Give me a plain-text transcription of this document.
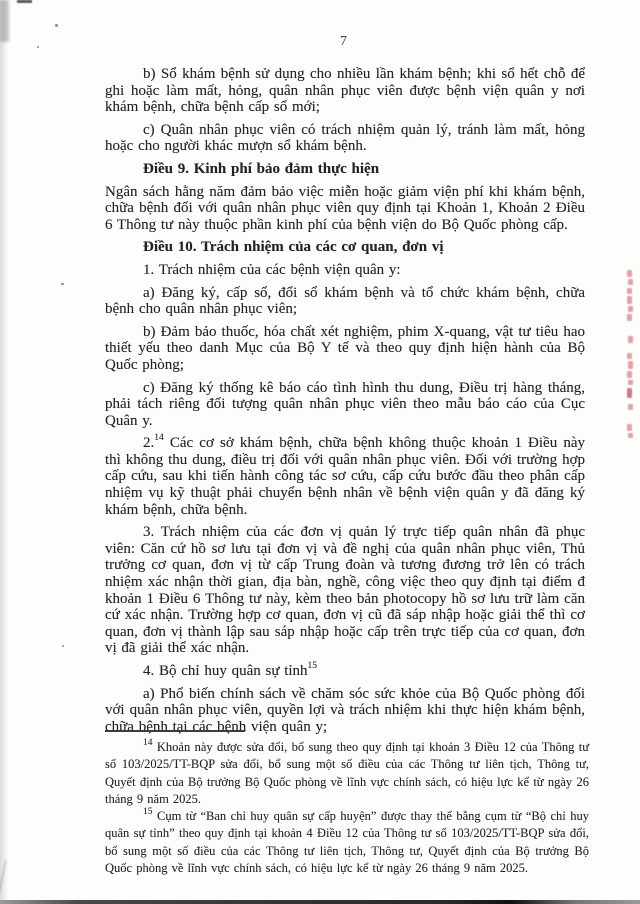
7

b) Sổ khám bệnh sử dụng cho nhiều lần khám bệnh; khi sổ hết chỗ để ghi hoặc làm mất, hỏng, quân nhân phục viên được bệnh viện quân y nơi khám bệnh, chữa bệnh cấp sổ mới;

c) Quân nhân phục viên có trách nhiệm quản lý, tránh làm mất, hỏng hoặc cho người khác mượn sổ khám bệnh.

Điều 9. Kinh phí bảo đảm thực hiện

Ngân sách hằng năm đảm bảo việc miễn hoặc giảm viện phí khi khám bệnh, chữa bệnh đối với quân nhân phục viên quy định tại Khoản 1, Khoản 2 Điều 6 Thông tư này thuộc phần kinh phí của bệnh viện do Bộ Quốc phòng cấp.

Điều 10. Trách nhiệm của các cơ quan, đơn vị

1. Trách nhiệm của các bệnh viện quân y:

a) Đăng ký, cấp sổ, đổi sổ khám bệnh và tổ chức khám bệnh, chữa bệnh cho quân nhân phục viên;

b) Đảm bảo thuốc, hóa chất xét nghiệm, phim X-quang, vật tư tiêu hao thiết yếu theo danh Mục của Bộ Y tế và theo quy định hiện hành của Bộ Quốc phòng;

c) Đăng ký thống kê báo cáo tình hình thu dung, Điều trị hàng tháng, phải tách riêng đối tượng quân nhân phục viên theo mẫu báo cáo của Cục Quân y.

2.14 Các cơ sở khám bệnh, chữa bệnh không thuộc khoản 1 Điều này thì không thu dung, điều trị đối với quân nhân phục viên. Đối với trường hợp cấp cứu, sau khi tiến hành công tác sơ cứu, cấp cứu bước đầu theo phân cấp nhiệm vụ kỹ thuật phải chuyển bệnh nhân về bệnh viện quân y đã đăng ký khám bệnh, chữa bệnh.

3. Trách nhiệm của các đơn vị quản lý trực tiếp quân nhân đã phục viên: Căn cứ hồ sơ lưu tại đơn vị và đề nghị của quân nhân phục viên, Thủ trưởng cơ quan, đơn vị từ cấp Trung đoàn và tương đương trở lên có trách nhiệm xác nhận thời gian, địa bàn, nghề, công việc theo quy định tại điểm đ khoản 1 Điều 6 Thông tư này, kèm theo bản photocopy hồ sơ lưu trữ làm căn cứ xác nhận. Trường hợp cơ quan, đơn vị cũ đã sáp nhập hoặc giải thể thì cơ quan, đơn vị thành lập sau sáp nhập hoặc cấp trên trực tiếp của cơ quan, đơn vị đã giải thể xác nhận.

4. Bộ chỉ huy quân sự tỉnh$^{15}$

a) Phổ biến chính sách về chăm sóc sức khỏe của Bộ Quốc phòng đối với quân nhân phục viên, quyền lợi và trách nhiệm khi thực hiện khám bệnh, chữa bệnh tại các bệnh viện quân y;

$^{14}$ Khoản này được sửa đổi, bổ sung theo quy định tại khoản 3 Điều 12 của Thông tư số 103/2025/TT-BQP sửa đổi, bổ sung một số điều của các Thông tư liên tịch, Thông tư, Quyết định của Bộ trưởng Bộ Quốc phòng về lĩnh vực chính sách, có hiệu lực kể từ ngày 26 tháng 9 năm 2025.

$^{15}$ Cụm từ “Ban chỉ huy quân sự cấp huyện” được thay thế bằng cụm từ “Bộ chỉ huy quân sự tỉnh” theo quy định tại khoản 4 Điều 12 của Thông tư số 103/2025/TT-BQP sửa đổi, bổ sung một số điều của các Thông tư liên tịch, Thông tư, Quyết định của Bộ trưởng Bộ Quốc phòng về lĩnh vực chính sách, có hiệu lực kể từ ngày 26 tháng 9 năm 2025.
